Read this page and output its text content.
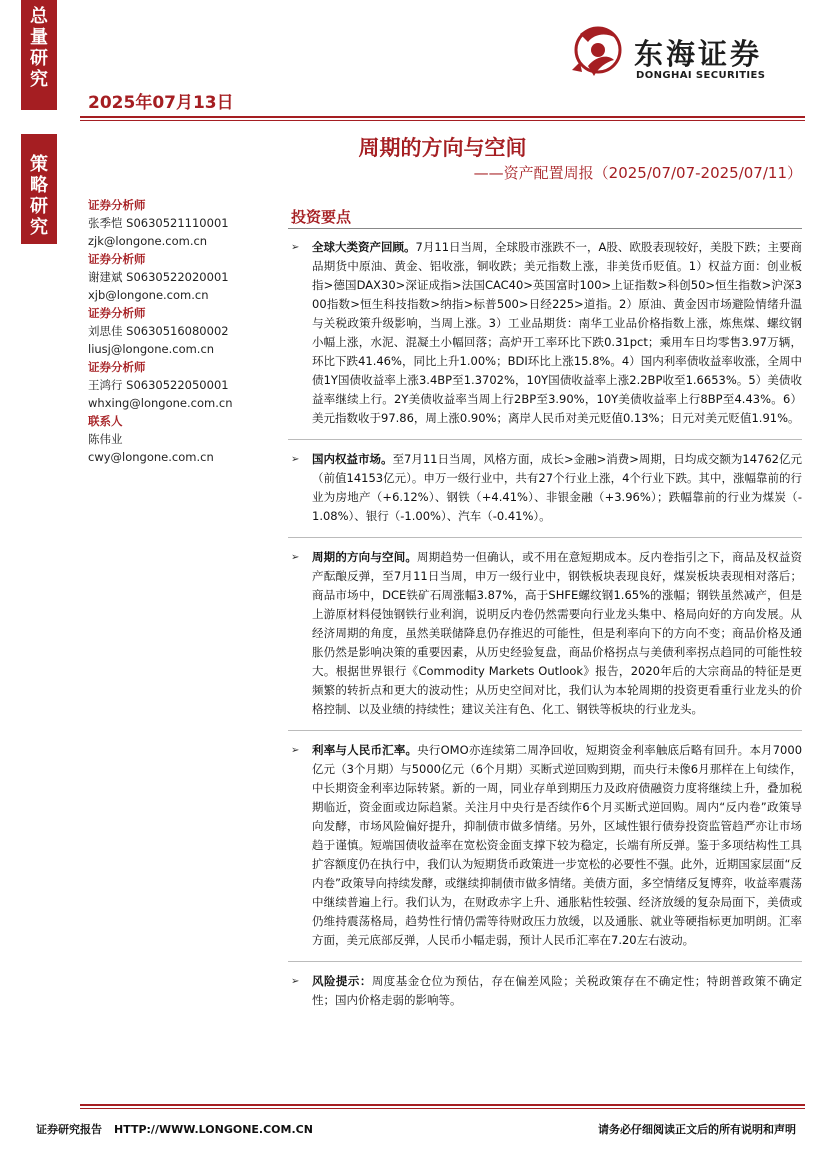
总
量
研
究
策
略
研
究
2025年07月13日
东海证券
DONGHAI SECURITIES
周期的方向与空间
——资产配置周报（2025/07/07-2025/07/11）
证券分析师
张季恺 S0630521110001
zjk@longone.com.cn
证券分析师
谢建斌 S0630522020001
xjb@longone.com.cn
证券分析师
刘思佳 S0630516080002
liusj@longone.com.cn
证券分析师
王鸿行 S0630522050001
whxing@longone.com.cn
联系人
陈伟业
cwy@longone.com.cn
投资要点
➢ 全球大类资产回顾。7月11日当周，全球股市涨跌不一，A股、欧股表现较好，美股下跌；主要商品期货中原油、黄金、铝收涨，铜收跌；美元指数上涨，非美货币贬值。1）权益方面：创业板指>德国DAX30>深证成指>法国CAC40>英国富时100>上证指数>科创50>恒生指数>沪深300指数>恒生科技指数>纳指>标普500>日经225>道指。2）原油、黄金因市场避险情绪升温与关税政策升级影响，当周上涨。3）工业品期货：南华工业品价格指数上涨，炼焦煤、螺纹钢小幅上涨，水泥、混凝土小幅回落；高炉开工率环比下跌0.31pct；乘用车日均零售3.97万辆，环比下跌41.46%，同比上升1.00%；BDI环比上涨15.8%。4）国内利率债收益率收涨，全周中债1Y国债收益率上涨3.4BP至1.3702%，10Y国债收益率上涨2.2BP收至1.6653%。5）美债收益率继续上行。2Y美债收益率当周上行2BP至3.90%，10Y美债收益率上行8BP至4.43%。6）美元指数收于97.86，周上涨0.90%；离岸人民币对美元贬值0.13%；日元对美元贬值1.91%。
➢ 国内权益市场。至7月11日当周，风格方面，成长>金融>消费>周期，日均成交额为14762亿元（前值14153亿元）。申万一级行业中，共有27个行业上涨，4个行业下跌。其中，涨幅靠前的行业为房地产（+6.12%）、钢铁（+4.41%）、非银金融（+3.96%）；跌幅靠前的行业为煤炭（-1.08%）、银行（-1.00%）、汽车（-0.41%）。
➢ 周期的方向与空间。周期趋势一但确认，或不用在意短期成本。反内卷指引之下，商品及权益资产酝酿反弹，至7月11日当周，申万一级行业中，钢铁板块表现良好，煤炭板块表现相对落后；商品市场中，DCE铁矿石周涨幅3.87%，高于SHFE螺纹钢1.65%的涨幅；钢铁虽然减产，但是上游原材料侵蚀钢铁行业利润，说明反内卷仍然需要向行业龙头集中、格局向好的方向发展。从经济周期的角度，虽然美联储降息仍存推迟的可能性，但是利率向下的方向不变；商品价格及通胀仍然是影响决策的重要因素，从历史经验复盘，商品价格拐点与美债利率拐点趋同的可能性较大。根据世界银行《Commodity Markets Outlook》报告，2020年后的大宗商品的特征是更频繁的转折点和更大的波动性；从历史空间对比，我们认为本轮周期的投资更看重行业龙头的价格控制、以及业绩的持续性；建议关注有色、化工、钢铁等板块的行业龙头。
➢ 利率与人民币汇率。央行OMO亦连续第二周净回收，短期资金利率触底后略有回升。本月7000亿元（3个月期）与5000亿元（6个月期）买断式逆回购到期，而央行未像6月那样在上旬续作，中长期资金利率边际转紧。新的一周，同业存单到期压力及政府债融资力度将继续上升，叠加税期临近，资金面或边际趋紧。关注月中央行是否续作6个月买断式逆回购。周内“反内卷”政策导向发酵，市场风险偏好提升，抑制债市做多情绪。另外，区域性银行债券投资监管趋严亦让市场趋于谨慎。短端国债收益率在宽松资金面支撑下较为稳定，长端有所反弹。鉴于多项结构性工具扩容额度仍在执行中，我们认为短期货币政策进一步宽松的必要性不强。此外，近期国家层面“反内卷”政策导向持续发酵，或继续抑制债市做多情绪。美债方面，多空情绪反复博弈，收益率震荡中继续普遍上行。我们认为，在财政赤字上升、通胀粘性较强、经济放缓的复杂局面下，美债或仍维持震荡格局，趋势性行情仍需等待财政压力放缓，以及通胀、就业等硬指标更加明朗。汇率方面，美元底部反弹，人民币小幅走弱，预计人民币汇率在7.20左右波动。
➢ 风险提示：周度基金仓位为预估，存在偏差风险；关税政策存在不确定性；特朗普政策不确定性；国内价格走弱的影响等。
证券研究报告 HTTP://WWW.LONGONE.COM.CN	请务必仔细阅读正文后的所有说明和声明
